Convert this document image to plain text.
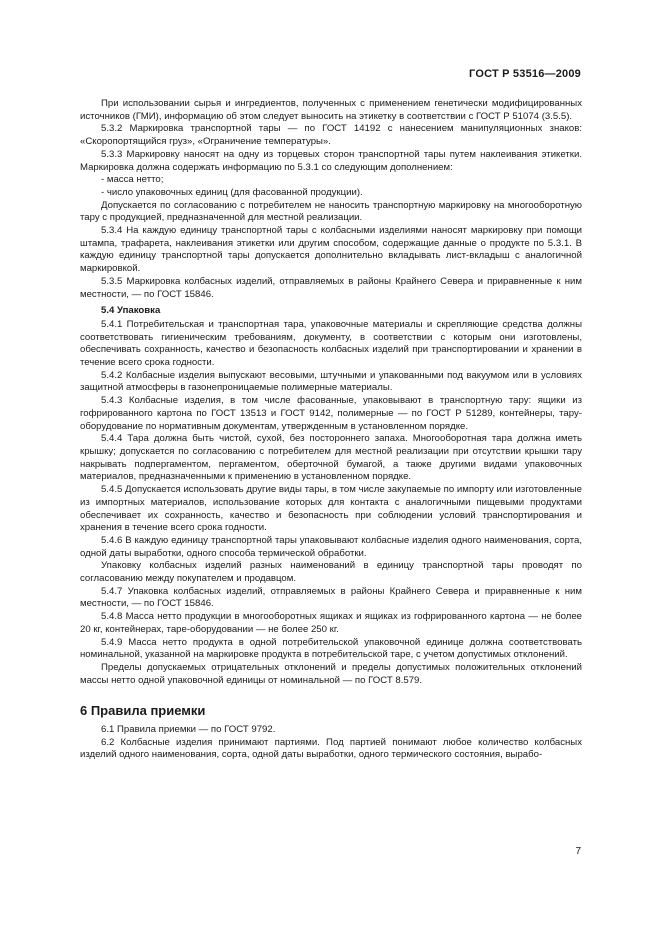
ГОСТ Р 53516—2009

При использовании сырья и ингредиентов, полученных с применением генетически модифицированных источников (ГМИ), информацию об этом следует выносить на этикетку в соответствии с ГОСТ Р 51074 (3.5.5).

5.3.2 Маркировка транспортной тары — по ГОСТ 14192 с нанесением манипуляционных знаков: «Скоропортящийся груз», «Ограничение температуры».

5.3.3 Маркировку наносят на одну из торцевых сторон транспортной тары путем наклеивания этикетки. Маркировка должна содержать информацию по 5.3.1 со следующим дополнением:

- масса нетто;

- число упаковочных единиц (для фасованной продукции).

Допускается по согласованию с потребителем не наносить транспортную маркировку на многооборотную тару с продукцией, предназначенной для местной реализации.

5.3.4 На каждую единицу транспортной тары с колбасными изделиями наносят маркировку при помощи штампа, трафарета, наклеивания этикетки или другим способом, содержащие данные о продукте по 5.3.1. В каждую единицу транспортной тары допускается дополнительно вкладывать лист-вкладыш с аналогичной маркировкой.

5.3.5 Маркировка колбасных изделий, отправляемых в районы Крайнего Севера и приравненные к ним местности, — по ГОСТ 15846.

5.4 Упаковка

5.4.1 Потребительская и транспортная тара, упаковочные материалы и скрепляющие средства должны соответствовать гигиеническим требованиям, документу, в соответствии с которым они изготовлены, обеспечивать сохранность, качество и безопасность колбасных изделий при транспортировании и хранении в течение всего срока годности.

5.4.2 Колбасные изделия выпускают весовыми, штучными и упакованными под вакуумом или в условиях защитной атмосферы в газонепроницаемые полимерные материалы.

5.4.3 Колбасные изделия, в том числе фасованные, упаковывают в транспортную тару: ящики из гофрированного картона по ГОСТ 13513 и ГОСТ 9142, полимерные — по ГОСТ Р 51289, контейнеры, тару-оборудование по нормативным документам, утвержденным в установленном порядке.

5.4.4 Тара должна быть чистой, сухой, без постороннего запаха. Многооборотная тара должна иметь крышку; допускается по согласованию с потребителем для местной реализации при отсутствии крышки тару накрывать подпергаментом, пергаментом, оберточной бумагой, а также другими видами упаковочных материалов, предназначенными к применению в установленном порядке.

5.4.5 Допускается использовать другие виды тары, в том числе закупаемые по импорту или изготовленные из импортных материалов, использование которых для контакта с аналогичными пищевыми продуктами обеспечивает их сохранность, качество и безопасность при соблюдении условий транспортирования и хранения в течение всего срока годности.

5.4.6 В каждую единицу транспортной тары упаковывают колбасные изделия одного наименования, сорта, одной даты выработки, одного способа термической обработки.

Упаковку колбасных изделий разных наименований в единицу транспортной тары проводят по согласованию между покупателем и продавцом.

5.4.7 Упаковка колбасных изделий, отправляемых в районы Крайнего Севера и приравненные к ним местности, — по ГОСТ 15846.

5.4.8 Масса нетто продукции в многооборотных ящиках и ящиках из гофрированного картона — не более 20 кг, контейнерах, таре-оборудовании — не более 250 кг.

5.4.9 Масса нетто продукта в одной потребительской упаковочной единице должна соответствовать номинальной, указанной на маркировке продукта в потребительской таре, с учетом допустимых отклонений.

Пределы допускаемых отрицательных отклонений и пределы допустимых положительных отклонений массы нетто одной упаковочной единицы от номинальной — по ГОСТ 8.579.

6 Правила приемки

6.1 Правила приемки — по ГОСТ 9792.

6.2 Колбасные изделия принимают партиями. Под партией понимают любое количество колбасных изделий одного наименования, сорта, одной даты выработки, одного термического состояния, вырабо-

7
